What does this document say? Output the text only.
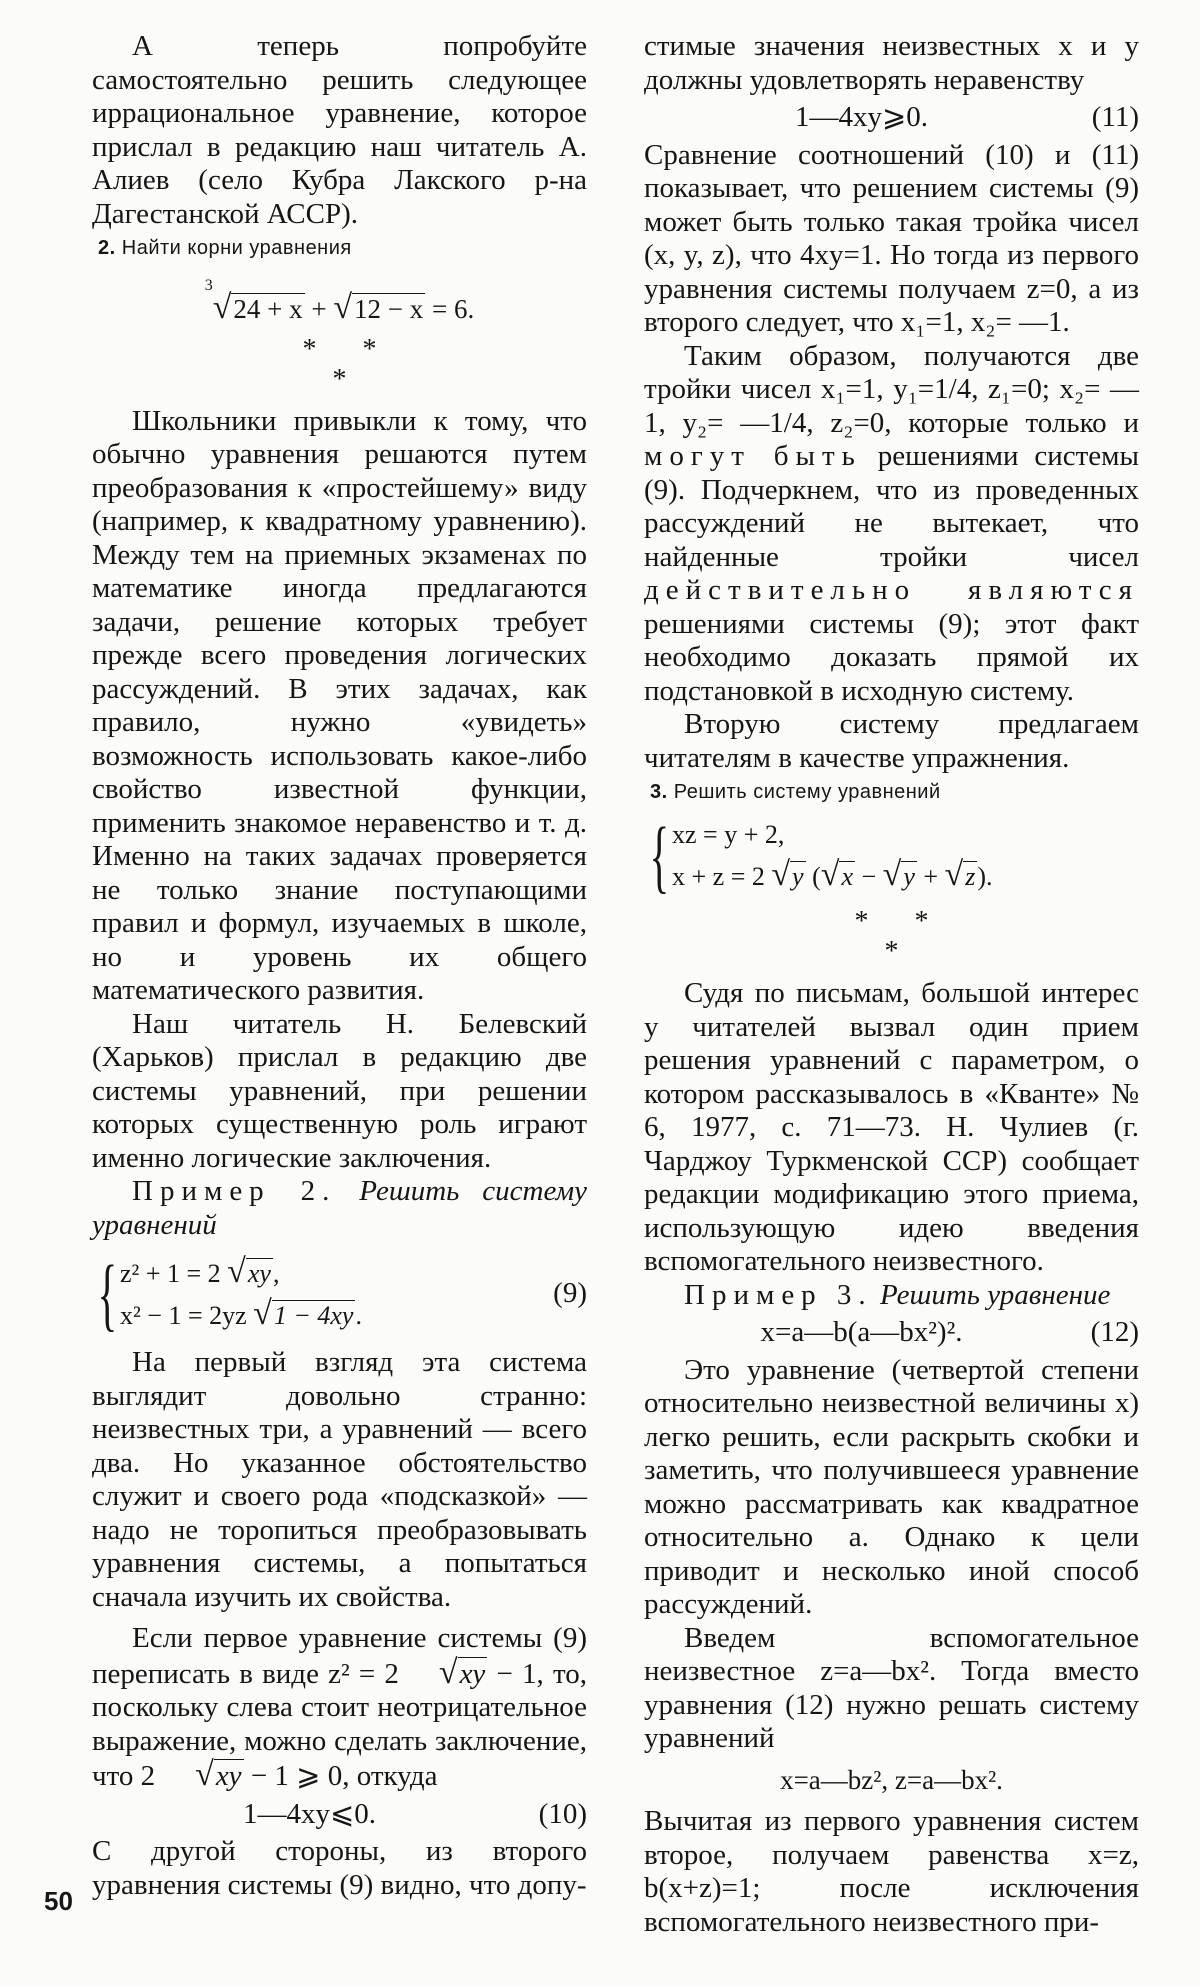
А теперь попробуйте самостоятельно решить следующее иррациональное уравнение, которое прислал в редакцию наш читатель А. Алиев (село Кубра Лакского р-на Дагестанской АССР).

2. Найти корни уравнения
$^3$√24 + x + √12 − x = 6.
**
*

Школьники привыкли к тому, что обычно уравнения решаются путем преобразования к «простейшему» виду (например, к квадратному уравнению). Между тем на приемных экзаменах по математике иногда предлагаются задачи, решение которых требует прежде всего проведения логических рассуждений. В этих задачах, как правило, нужно «увидеть» возможность использовать какое-либо свойство известной функции, применить знакомое неравенство и т. д. Именно на таких задачах проверяется не только знание поступающими правил и формул, изучаемых в школе, но и уровень их общего математического развития.

Наш читатель Н. Белевский (Харьков) прислал в редакцию две системы уравнений, при решении которых существенную роль играют именно логические заключения.

Пример 2. Решить систему уравнений

{ z² + 1 = 2 √xy,
x² − 1 = 2yz √1 − 4xy.
(9)

На первый взгляд эта система выглядит довольно странно: неизвестных три, а уравнений — всего два. Но указанное обстоятельство служит и своего рода «подсказкой» — надо не торопиться преобразовывать уравнения системы, а попытаться сначала изучить их свойства.

Если первое уравнение системы (9) переписать в виде z² = 2 √xy − 1, то, поскольку слева стоит неотрицательное выражение, можно сделать заключение, что 2 √xy − 1 ⩾ 0, откуда

1—4xy⩽0.	(10)

С другой стороны, из второго уравнения системы (9) видно, что допу-

стимые значения неизвестных x и y должны удовлетворять неравенству

1—4xy⩾0.	(11)

Сравнение соотношений (10) и (11) показывает, что решением системы (9) может быть только такая тройка чисел (x, y, z), что 4xy=1. Но тогда из первого уравнения системы получаем z=0, а из второго следует, что x₁=1, x₂= —1.

Таким образом, получаются две тройки чисел x₁=1, y₁=1/4, z₁=0; x₂= —1, y₂= —1/4, z₂=0, которые только и могут быть решениями системы (9). Подчеркнем, что из проведенных рассуждений не вытекает, что найденные тройки чисел действительно являются решениями системы (9); этот факт необходимо доказать прямой их подстановкой в исходную систему.

Вторую систему предлагаем читателям в качестве упражнения.

3. Решить систему уравнений
{ xz = y + 2,
x + z = 2 √y (√x − √y + √z).
**
*

Судя по письмам, большой интерес у читателей вызвал один прием решения уравнений с параметром, о котором рассказывалось в «Кванте» № 6, 1977, с. 71—73. Н. Чулиев (г. Чарджоу Туркменской ССР) сообщает редакции модификацию этого приема, использующую идею введения вспомогательного неизвестного.

Пример 3. Решить уравнение

x=a—b(a—bx²)².	(12)

Это уравнение (четвертой степени относительно неизвестной величины x) легко решить, если раскрыть скобки и заметить, что получившееся уравнение можно рассматривать как квадратное относительно a. Однако к цели приводит и несколько иной способ рассуждений.

Введем вспомогательное неизвестное z=a—bx². Тогда вместо уравнения (12) нужно решать систему уравнений

x=a—bz², z=a—bx².

Вычитая из первого уравнения систем второе, получаем равенства x=z, b(x+z)=1; после исключения вспомогательного неизвестного при-

50
